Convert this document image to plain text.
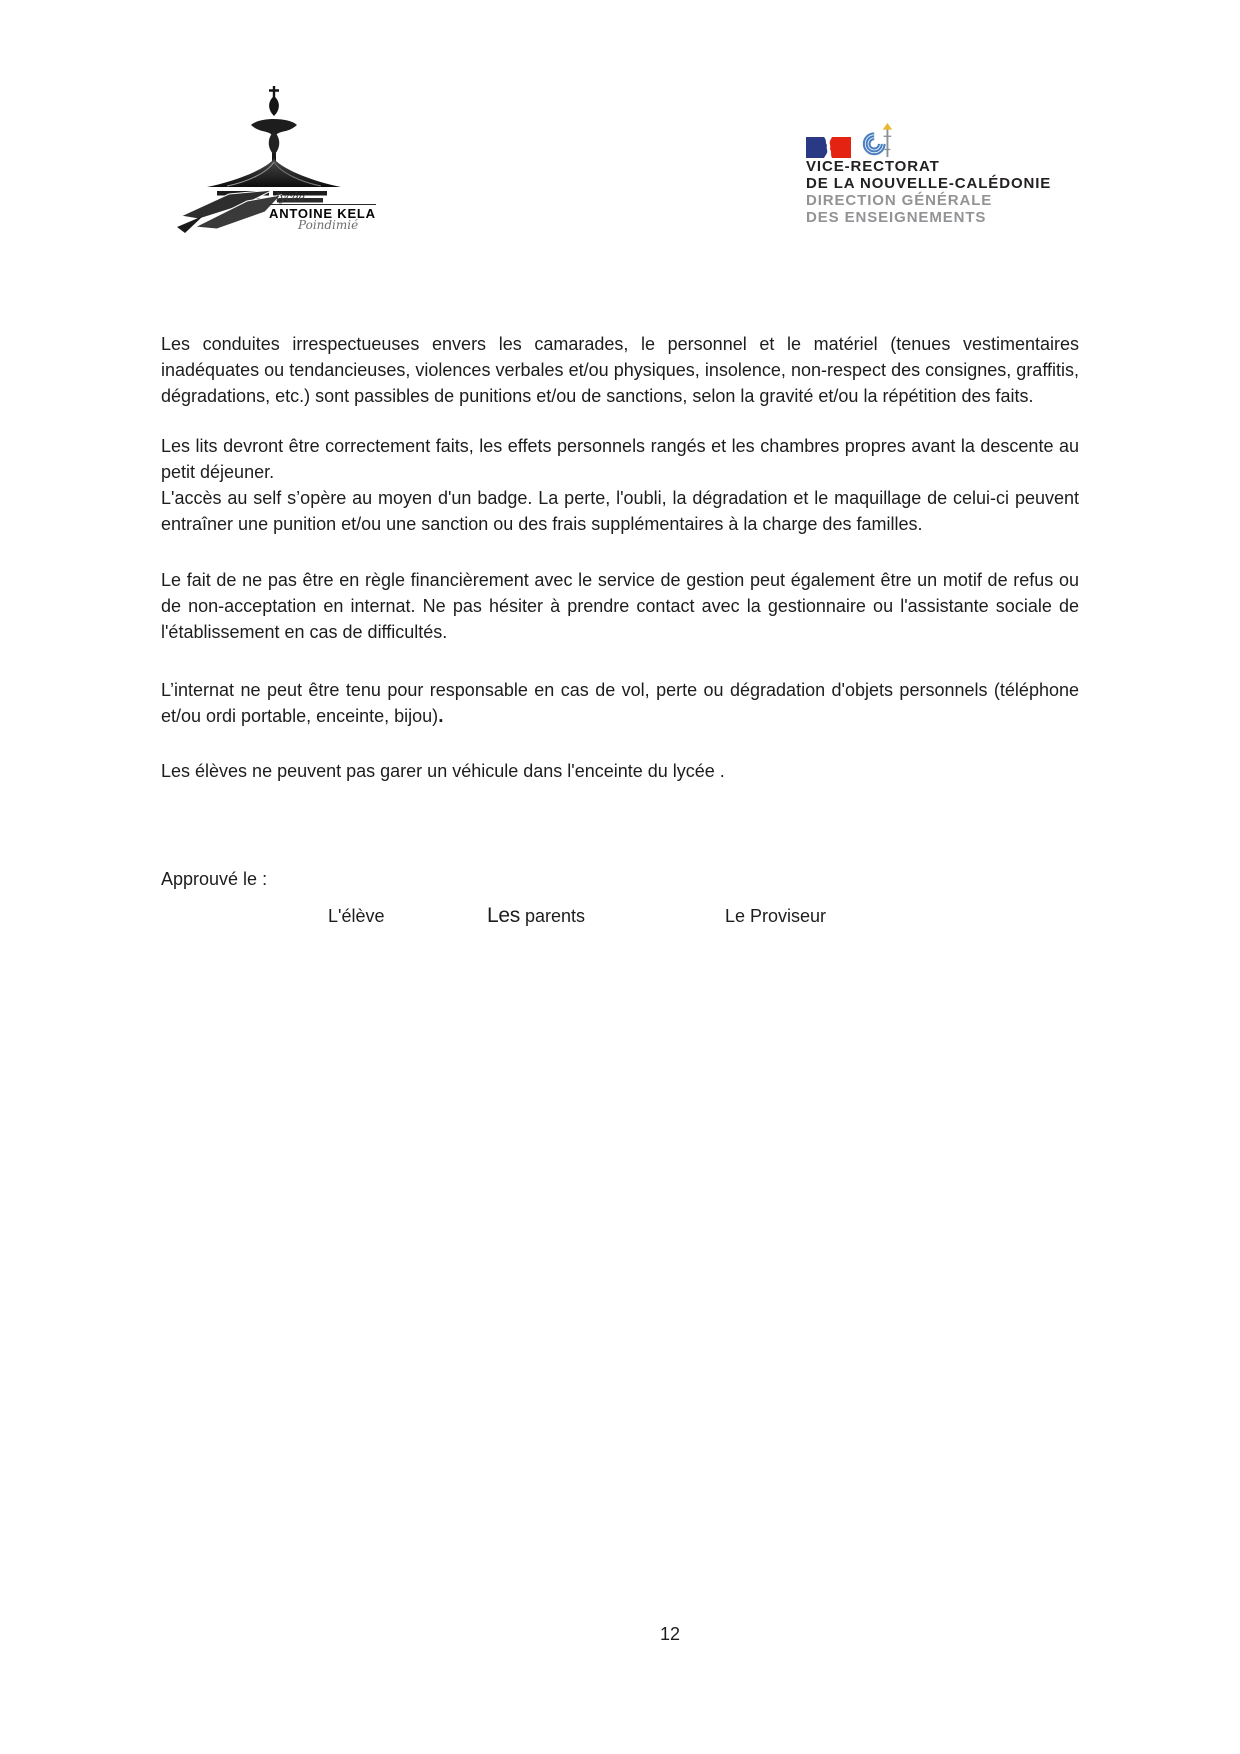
lycée
ANTOINE KELA
Poindimié
VICE-RECTORAT
DE LA NOUVELLE-CALÉDONIE
DIRECTION GÉNÉRALE
DES ENSEIGNEMENTS

Les conduites irrespectueuses envers les camarades, le personnel et le matériel (tenues vestimentaires inadéquates ou tendancieuses, violences verbales et/ou physiques, insolence, non-respect des consignes, graffitis, dégradations, etc.) sont passibles de punitions et/ou de sanctions, selon la gravité et/ou la répétition des faits.

Les lits devront être correctement faits, les effets personnels rangés et les chambres propres avant la descente au petit déjeuner.

L'accès au self s’opère au moyen d'un badge. La perte, l'oubli, la dégradation et le maquillage de celui-ci peuvent entraîner une punition et/ou une sanction ou des frais supplémentaires à la charge des familles.

Le fait de ne pas être en règle financièrement avec le service de gestion peut également être un motif de refus ou de non-acceptation en internat. Ne pas hésiter à prendre contact avec la gestionnaire ou l'assistante sociale de l'établissement en cas de difficultés.

L’internat ne peut être tenu pour responsable en cas de vol, perte ou dégradation d'objets personnels (téléphone et/ou ordi portable, enceinte, bijou).

Les élèves ne peuvent pas garer un véhicule dans l'enceinte du lycée .

Approuvé le :
L'élève	Les parents	Le Proviseur
12
